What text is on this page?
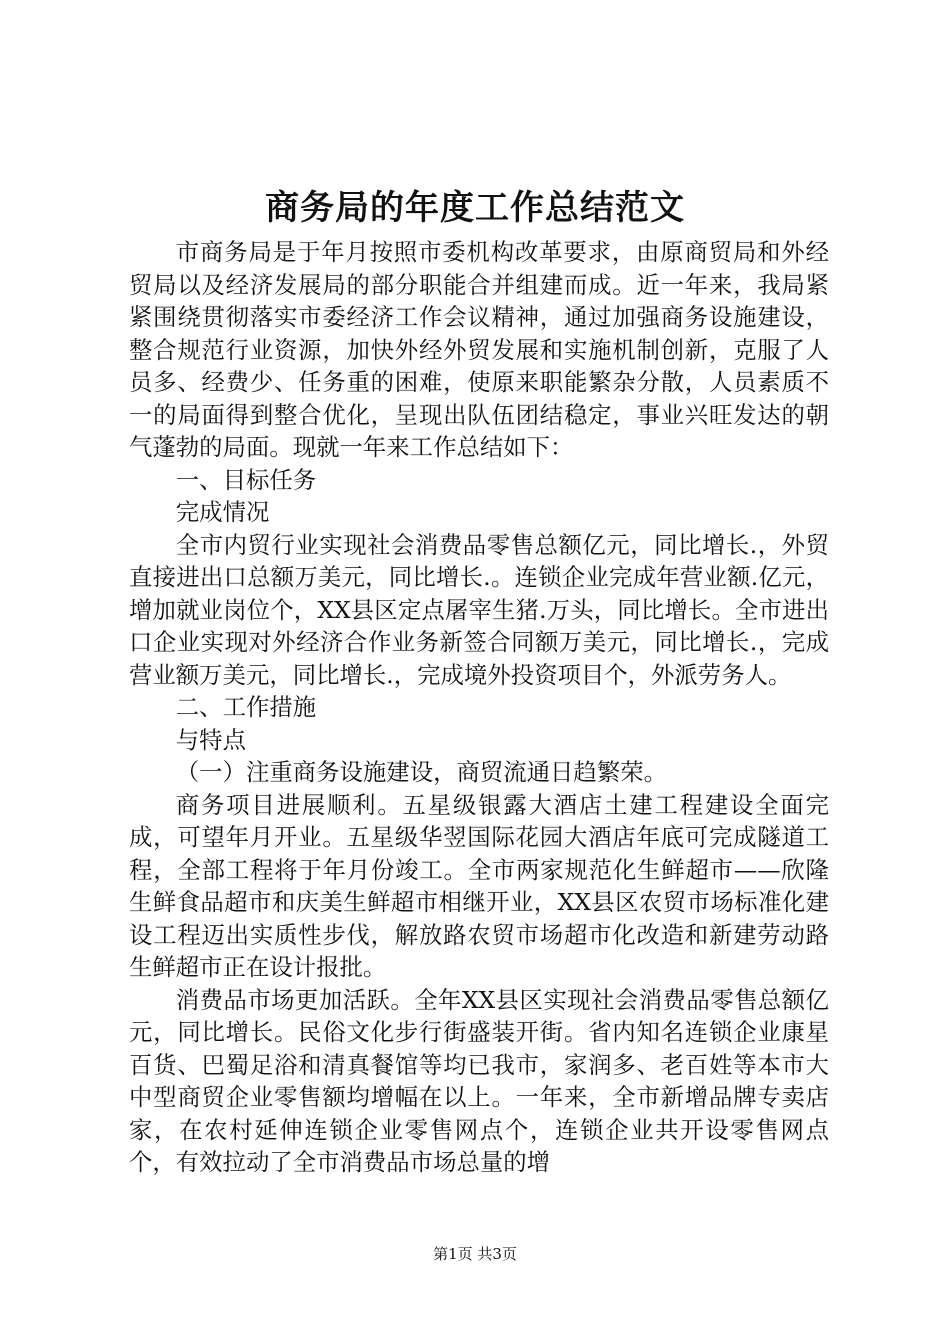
商务局的年度工作总结范文

市商务局是于年月按照市委机构改革要求，由原商贸局和外经贸局以及经济发展局的部分职能合并组建而成。近一年来，我局紧紧围绕贯彻落实市委经济工作会议精神，通过加强商务设施建设，整合规范行业资源，加快外经外贸发展和实施机制创新，克服了人员多、经费少、任务重的困难，使原来职能繁杂分散，人员素质不一的局面得到整合优化，呈现出队伍团结稳定，事业兴旺发达的朝气蓬勃的局面。现就一年来工作总结如下：

一、目标任务

完成情况

全市内贸行业实现社会消费品零售总额亿元，同比增长.，外贸直接进出口总额万美元，同比增长.。连锁企业完成年营业额.亿元，增加就业岗位个，XX县区定点屠宰生猪.万头，同比增长。全市进出口企业实现对外经济合作业务新签合同额万美元，同比增长.，完成营业额万美元，同比增长.，完成境外投资项目个，外派劳务人。

二、工作措施

与特点

（一）注重商务设施建设，商贸流通日趋繁荣。

商务项目进展顺利。五星级银露大酒店土建工程建设全面完成，可望年月开业。五星级华翌国际花园大酒店年底可完成隧道工程，全部工程将于年月份竣工。全市两家规范化生鲜超市——欣隆生鲜食品超市和庆美生鲜超市相继开业，XX县区农贸市场标准化建设工程迈出实质性步伐，解放路农贸市场超市化改造和新建劳动路生鲜超市正在设计报批。

消费品市场更加活跃。全年XX县区实现社会消费品零售总额亿元，同比增长。民俗文化步行街盛装开街。省内知名连锁企业康星百货、巴蜀足浴和清真餐馆等均已我市，家润多、老百姓等本市大中型商贸企业零售额均增幅在以上。一年来，全市新增品牌专卖店家，在农村延伸连锁企业零售网点个，连锁企业共开设零售网点个，有效拉动了全市消费品市场总量的增

第1页 共3页
